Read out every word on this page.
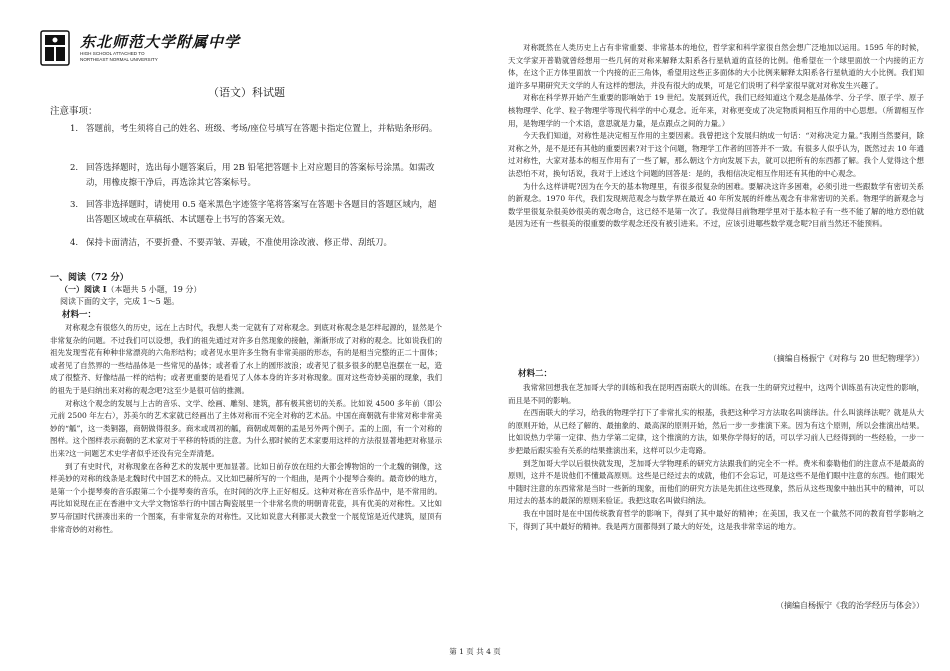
东北师范大学附属中学
HIGH SCHOOL ATTACHED TO
NORTHEAST NORMAL UNIVERSITY
（语文）科试题
注意事项：
1. 答题前，考生须将自己的姓名、班级、考场/座位号填写在答题卡指定位置上，并粘贴条形码。
2. 回答选择题时，选出每小题答案后，用 2B 铅笔把答题卡上对应题目的答案标号涂黑。如需改动，用橡皮擦干净后，再选涂其它答案标号。
3. 回答非选择题时，请使用 0.5 毫米黑色字迹签字笔将答案写在答题卡各题目的答题区域内，超出答题区域或在草稿纸、本试题卷上书写的答案无效。
4. 保持卡面清洁，不要折叠、不要弄皱、弄破，不准使用涂改液、修正带、刮纸刀。
一、阅读（72 分）
（一）阅读 I（本题共 5 小题，19 分）
阅读下面的文字，完成 1～5 题。
材料一：

对称观念有很悠久的历史，远在上古时代，我想人类一定就有了对称观念。到底对称观念是怎样起源的，显然是个非常复杂的问题。不过我们可以设想，我们的祖先通过对许多自然现象的接触，渐渐形成了对称的观念。比如说我们的祖先发现雪花有种种非常漂亮的六角形结构；或者见水里许多生物有非常美丽的形态，有的是相当完整的正二十面体；或者见了自然界的一些结晶体是一些常见的晶体；或者看了水上的圆形波浪；或者见了很多很多的肥皂泡摆在一起，造成了很整齐、好像结晶一样的结构；或者更重要的是看见了人体本身的许多对称现象。面对这些奇妙美丽的现象，我们的祖先于是归纳出来对称的观念吧?这至少是很可信的推测。

对称这个观念的发展与上古的音乐、文学、绘画、雕刻、建筑，都有极其密切的关系。比如说 4500 多年前（即公元前 2500 年左右），苏美尔的艺术家就已经画出了主体对称而不完全对称的艺术品。中国在商朝就有非常对称非常美妙的“觚”，这一类铜器，商朝做得很多。商末或周初的觚，商朝或周朝的盂是另外两个例子。盂的上面，有一个对称的图样。这个图样表示商朝的艺术家对于平移的特质的注意。为什么那时候的艺术家要用这样的方法很显著地把对称显示出来?这一问题艺术史学者似乎还没有完全弄清楚。

到了有史时代，对称现象在各种艺术的发展中更加显著。比如日前存放在纽约大都会博物馆的一个北魏的铜像，这样美妙的对称的线条是北魏时代中国艺术的特点。又比如巴赫所写的一个组曲，是两个小提琴合奏的。最奇妙的地方，是第一个小提琴奏的音乐跟第二个小提琴奏的音乐，在时间的次序上正好相反。这种对称在音乐作品中，是不常用的。再比如说现在正在香港中文大学文物馆举行的中国古陶瓷展里一个非常名贵的明朝青花瓷，具有优美的对称性。又比如罗马帝国时代拼凑出来的一个图案，有非常复杂的对称性。又比如说意大利都灵大教堂一个展览馆是近代建筑，屋顶有非常奇妙的对称性。

对称既然在人类历史上占有非常重要、非常基本的地位，哲学家和科学家很自然会想广泛地加以运用。1595 年的时候，天文学家开普勒就曾经想用一些几何的对称来解释太阳系各行星轨道的直径的比例。他希望在一个球里面放一个内接的正方体，在这个正方体里面放一个内接的正三角体，希望用这些正多面体的大小比例来解释太阳系各行星轨道的大小比例。我们知道许多早期研究天文学的人有这样的想法，并没有很大的成果，可是它们说明了科学家很早就对对称发生兴趣了。

对称在科学界开始产生重要的影响始于 19 世纪。发展到近代，我们已经知道这个观念是晶体学、分子学、原子学、原子核物理学、化学、粒子物理学等现代科学的中心观念。近年来，对称更变成了决定物质间相互作用的中心思想。（所谓相互作用，是物理学的一个术语，意思就是力量，是点跟点之间的力量。）

今天我们知道，对称性是决定相互作用的主要因素。我曾把这个发展归纳成一句话：“对称决定力量。”我刚当然要问，除对称之外，是不是还有其他的重要因素?对于这个问题，物理学工作者的回答并不一致。有很多人似乎认为，既然过去 10 年通过对称性，大家对基本的相互作用有了一些了解，那么朝这个方向发展下去，就可以把所有的东西都了解。我个人觉得这个想法恐怕不对，换句话说，我对于上述这个问题的回答是：是的，我相信决定相互作用还有其他的中心观念。

为什么这样讲呢?因为在今天的基本物理里，有很多很复杂的困难。要解决这许多困难，必须引进一些跟数学有密切关系的新观念。1970 年代，我们发现规范观念与数学界在最近 40 年所发展的纤维丛观念有非常密切的关系。物理学的新观念与数学里很复杂很美妙很美的观念吻合，这已经不是第一次了。我觉得目前物理学里对于基本粒子有一些不能了解的地方恐怕就是因为还有一些很美的很重要的数学观念还没有被引进来。不过，应该引进哪些数学观念呢?目前当然还不能预料。

（摘编自杨振宁《对称与 20 世纪物理学》）
材料二：

我常常回想我在芝加哥大学的训练和我在昆明西南联大的训练。在我一生的研究过程中，这两个训练虽有决定性的影响，而且是不同的影响。

在西南联大的学习，给我的物理学打下了非常扎实的根基，我把这种学习方法取名叫演绎法。什么叫演绎法呢？就是从大的原则开始，从已经了解的、最抽象的、最高深的原则开始，然后一步一步推演下来。因为有这个原则，所以会推演出结果。比如说热力学第一定律、热力学第二定律，这个推演的方法，如果你学得好的话，可以学习前人已经得到的一些经验，一步一步把最后跟实验有关系的结果推演出来，这样可以少走弯路。

到芝加哥大学以后很快就发现，芝加哥大学物理系的研究方法跟我们的完全不一样。费米和泰勒他们的注意点不是最高的原则，这并不是说他们不懂最高原则。这些是已经过去的成就，他们不会忘记，可是这些不是他们眼中注意的东西。他们眼光中随时注意的东西常常是当时一些新的现象，而他们的研究方法是先抓住这些现象，然后从这些现象中抽出其中的精神，可以用过去的基本的最深的原则来验证。我把这取名叫做归纳法。

我在中国时是在中国传统教育哲学的影响下，得到了其中最好的精神；在美国，我又在一个截然不同的教育哲学影响之下，得到了其中最好的精神。我是两方面都得到了最大的好处，这是我非常幸运的地方。

（摘编自杨振宁《我的治学经历与体会》）
第 1 页 共 4 页
